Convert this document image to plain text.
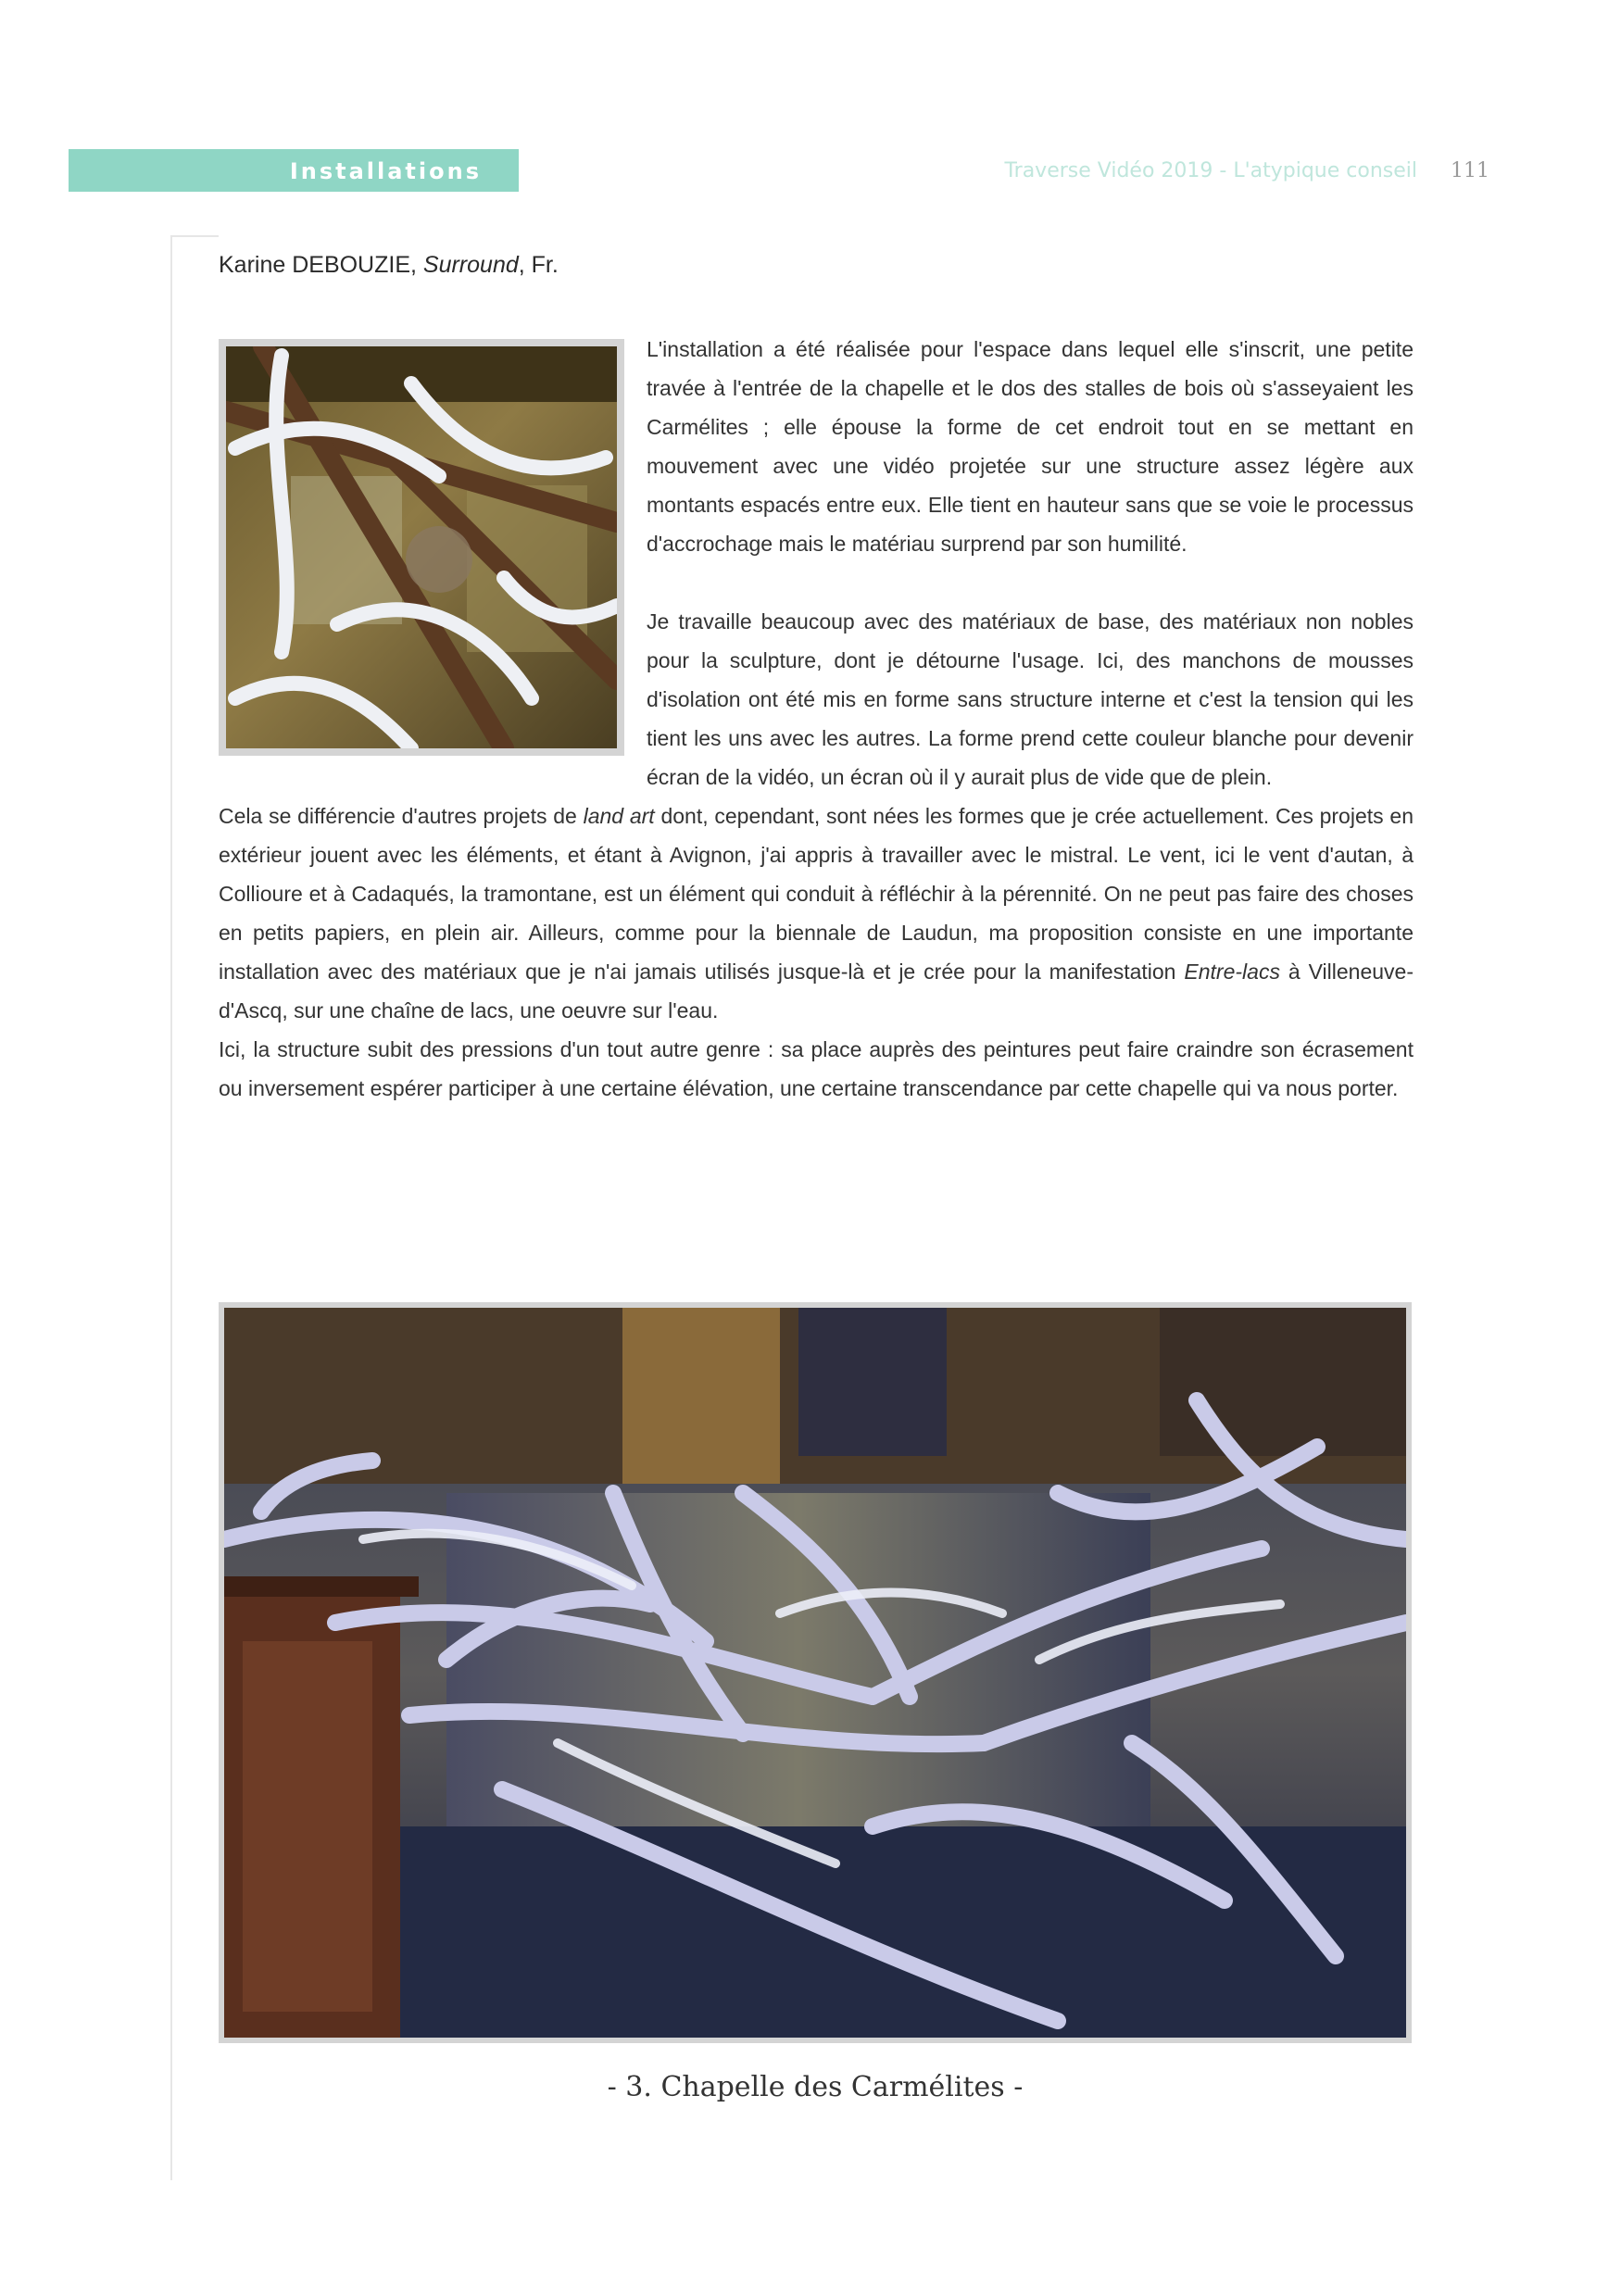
Installations	Traverse Vidéo 2019 - L'atypique conseil 111
Karine DEBOUZIE, Surround, Fr.

L'installation a été réalisée pour l'espace dans lequel elle s'inscrit, une petite travée à l'entrée de la chapelle et le dos des stalles de bois où s'asseyaient les Carmélites ; elle épouse la forme de cet endroit tout en se mettant en mouvement avec une vidéo projetée sur une structure assez légère aux montants espacés entre eux. Elle tient en hauteur sans que se voie le processus d'accrochage mais le matériau surprend par son humilité.

Je travaille beaucoup avec des matériaux de base, des matériaux non nobles pour la sculpture, dont je détourne l'usage. Ici, des manchons de mousses d'isolation ont été mis en forme sans structure interne et c'est la tension qui les tient les uns avec les autres. La forme prend cette couleur blanche pour devenir écran de la vidéo, un écran où il y aurait plus de vide que de plein.

Cela se différencie d'autres projets de land art dont, cependant, sont nées les formes que je crée actuellement. Ces projets en extérieur jouent avec les éléments, et étant à Avignon, j'ai appris à travailler avec le mistral. Le vent, ici le vent d'autan, à Collioure et à Cadaqués, la tramontane, est un élément qui conduit à réfléchir à la pérennité. On ne peut pas faire des choses en petits papiers, en plein air. Ailleurs, comme pour la biennale de Laudun, ma proposition consiste en une importante installation avec des matériaux que je n'ai jamais utilisés jusque-là et je crée pour la manifestation Entre-lacs à Villeneuve-d'Ascq, sur une chaîne de lacs, une oeuvre sur l'eau.

Ici, la structure subit des pressions d'un tout autre genre : sa place auprès des peintures peut faire craindre son écrasement ou inversement espérer participer à une certaine élévation, une certaine transcendance par cette chapelle qui va nous porter.

- 3. Chapelle des Carmélites -
